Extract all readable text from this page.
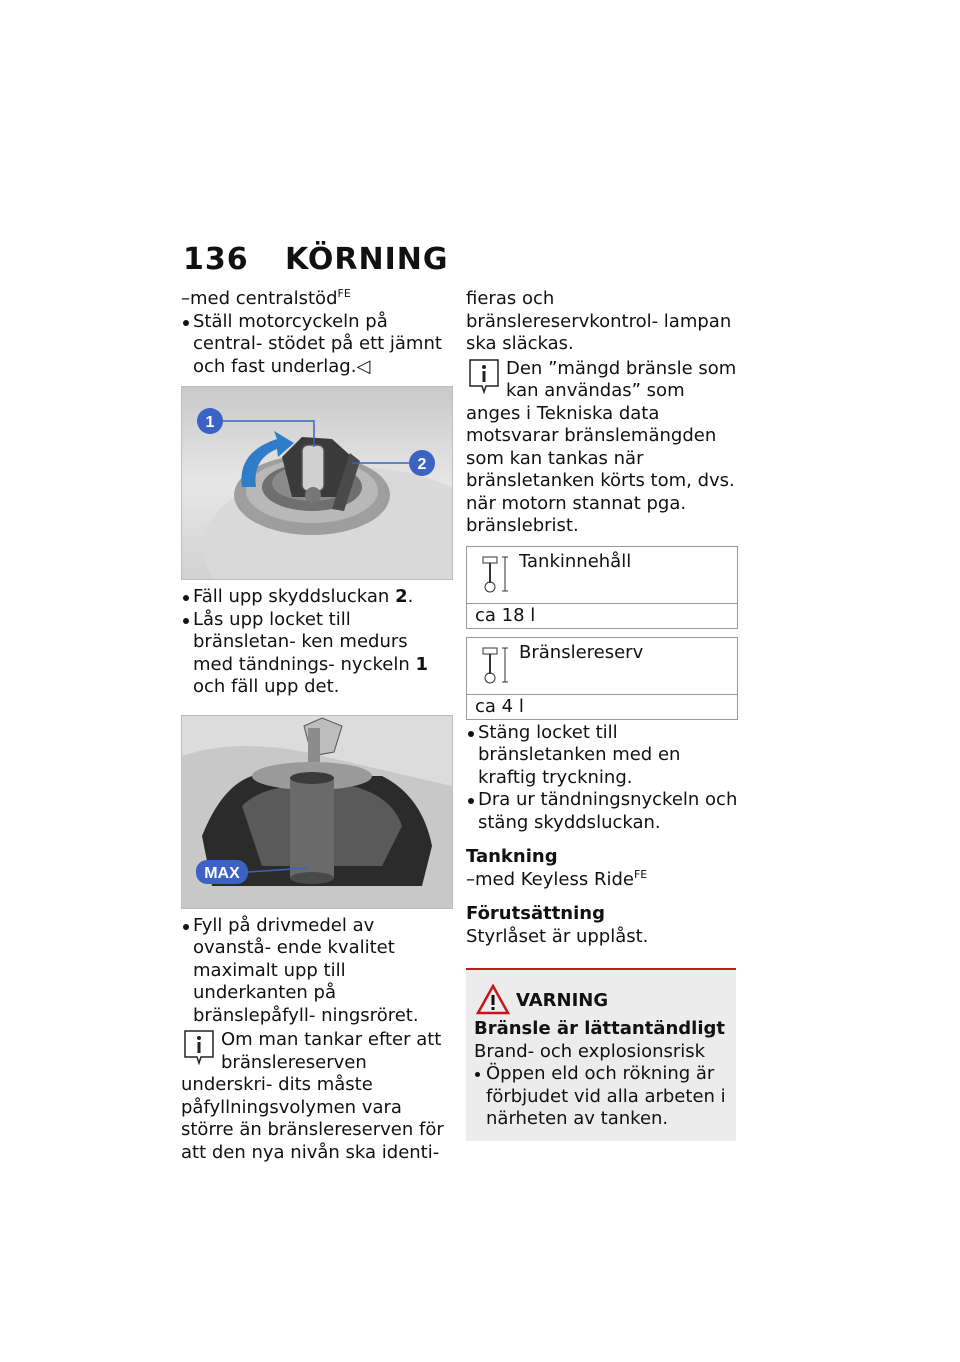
136 KÖRNING

–med centralstöd$^{FE}$

Ställ motorcyckeln på central- stödet på ett jämnt och fast underlag.◁

1
2

Fäll upp skyddsluckan 2.

Lås upp locket till bränsletan- ken medurs med tändnings- nyckeln 1 och fäll upp det.

MAX

Fyll på drivmedel av ovanstå- ende kvalitet maximalt upp till underkanten på bränslepåfyll- ningsröret.

Om man tankar efter att bränslereserven underskri- dits måste påfyllningsvolymen vara större än bränslereserven för att den nya nivån ska identi-

fieras och bränslereservkontrol- lampan ska släckas.

Den ”mängd bränsle som kan användas” som anges i Tekniska data motsvarar bränslemängden som kan tankas när bränsletanken körts tom, dvs. när motorn stannat pga. bränslebrist.

Tankinnehåll
ca 18 l
Bränslereserv
ca 4 l

Stäng locket till bränsletanken med en kraftig tryckning.

Dra ur tändningsnyckeln och stäng skyddsluckan.

Tankning

–med Keyless Ride$^{FE}$

Förutsättning

Styrlåset är upplåst.

VARNING

Bränsle är lättantändligt

Brand- och explosionsrisk

Öppen eld och rökning är förbjudet vid alla arbeten i närheten av tanken.
